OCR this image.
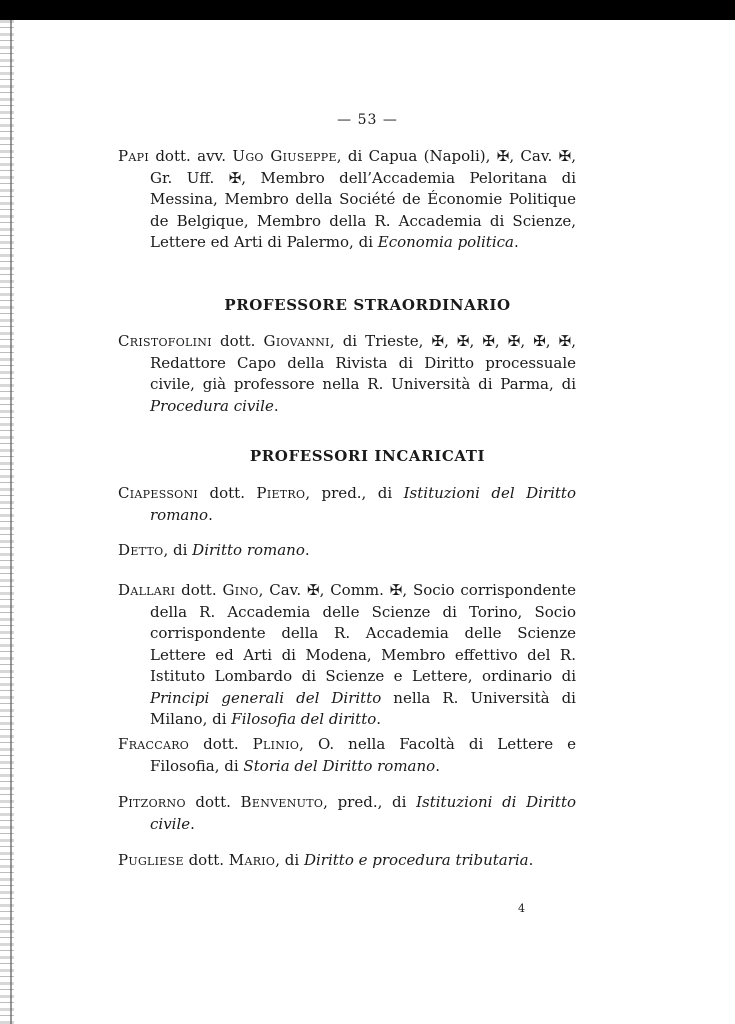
— 53 —

Papi dott. avv. Ugo Giuseppe, di Capua (Napoli), ✠, Cav. ✠, Gr. Uff. ✠, Membro dell’Accademia Peloritana di Messina, Membro della Société de Économie Politique de Belgique, Membro della R. Accademia di Scienze, Lettere ed Arti di Palermo, di Economia politica.

PROFESSORE STRAORDINARIO

Cristofolini dott. Giovanni, di Trieste, ✠, ✠, ✠, ✠, ✠, ✠, Redattore Capo della Rivista di Diritto processuale civile, già professore nella R. Università di Parma, di Procedura civile.

PROFESSORI INCARICATI

Ciapessoni dott. Pietro, pred., di Istituzioni del Diritto romano.

Detto, di Diritto romano.

Dallari dott. Gino, Cav. ✠, Comm. ✠, Socio corrispondente della R. Accademia delle Scienze di Torino, Socio corrispondente della R. Accademia delle Scienze Lettere ed Arti di Modena, Membro effettivo del R. Istituto Lombardo di Scienze e Lettere, ordinario di Principi generali del Diritto nella R. Università di Milano, di Filosofia del diritto.

Fraccaro dott. Plinio, O. nella Facoltà di Lettere e Filosofia, di Storia del Diritto romano.

Pitzorno dott. Benvenuto, pred., di Istituzioni di Diritto civile.

Pugliese dott. Mario, di Diritto e procedura tributaria.

4
